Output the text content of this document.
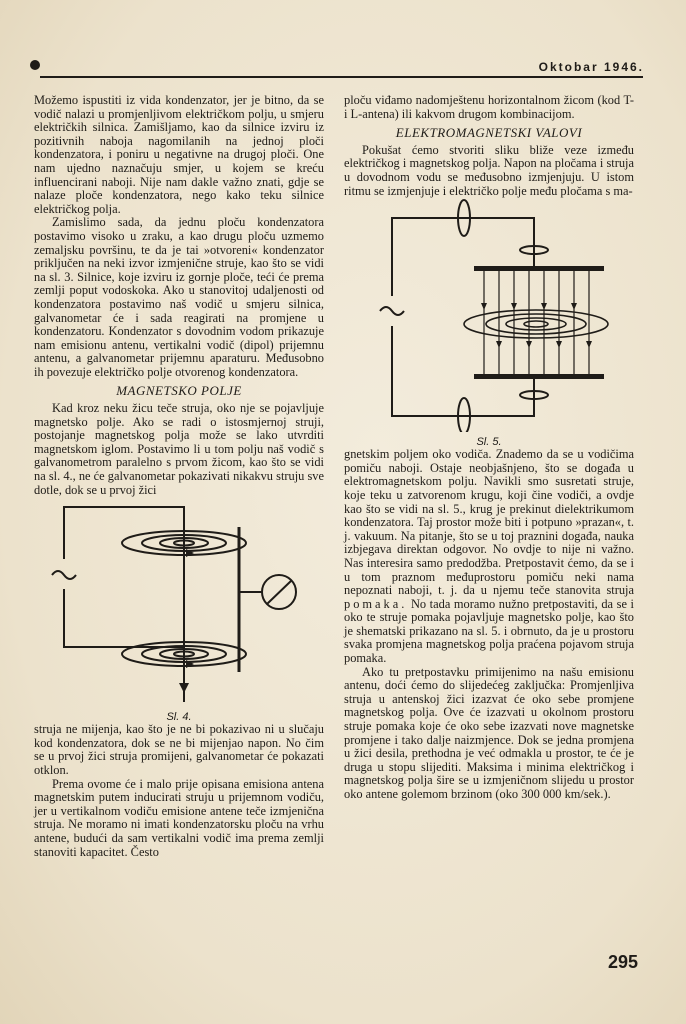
Oktobar 1946.

Možemo ispustiti iz vida kondenzator, jer je bitno, da se vodič nalazi u promjenljivom električkom polju, u smjeru električkih silnica. Zamišljamo, kao da silnice izviru iz pozitivnih naboja nagomilanih na jednoj ploči kondenzatora, i poniru u negativne na drugoj ploči. One nam ujedno naznačuju smjer, u kojem se kreću influencirani naboji. Nije nam dakle važno znati, gdje se nalaze ploče kondenzatora, nego kako teku silnice električkog polja.

Zamislimo sada, da jednu ploču kondenzatora postavimo visoko u zraku, a kao drugu ploču uzmemo zemaljsku površinu, te da je tai »otvoreni« kondenzator priključen na neki izvor izmjenične struje, kao što se vidi na sl. 3. Silnice, koje izviru iz gornje ploče, teći će prema zemlji poput vodoskoka. Ako u stanovitoj udaljenosti od kondenzatora postavimo naš vodič u smjeru silnica, galvanometar će i sada reagirati na promjene u kondenzatoru. Kondenzator s dovodnim vodom prikazuje nam emisionu antenu, vertikalni vodič (dipol) prijemnu antenu, a galvanometar prijemnu aparaturu. Međusobno ih povezuje električko polje otvorenog kondenzatora.

MAGNETSKO POLJE

Kad kroz neku žicu teče struja, oko nje se pojavljuje magnetsko polje. Ako se radi o istosmjernoj struji, postojanje magnetskog polja može se lako utvrditi magnetskom iglom. Postavimo li u tom polju naš vodič s galvanometrom paralelno s prvom žicom, kao što se vidi na sl. 4., ne će galvanometar pokazivati nikakvu struju sve dotle, dok se u prvoj žici

Sl. 4.

struja ne mijenja, kao što je ne bi pokazivao ni u slučaju kod kondenzatora, dok se ne bi mijenjao napon. No čim se u prvoj žici struja promijeni, galvanometar će pokazati otklon.

Prema ovome će i malo prije opisana emisiona antena magnetskim putem inducirati struju u prijemnom vodiču, jer u vertikalnom vodiču emisione antene teče izmjenična struja. Ne moramo ni imati kondenzatorsku ploču na vrhu antene, budući da sam vertikalni vodič ima prema zemlji stanoviti kapacitet. Često

ploču viđamo nadomještenu horizontalnom žicom (kod T- i L-antena) ili kakvom drugom kombinacijom.

ELEKTROMAGNETSKI VALOVI

Pokušat ćemo stvoriti sliku bliže veze između električkog i magnetskog polja. Napon na pločama i struja u dovodnom vodu se međusobno izmjenjuju. U istom ritmu se izmjenjuje i električko polje među pločama s ma-

Sl. 5.

gnetskim poljem oko vodiča. Znademo da se u vodičima pomiču naboji. Ostaje neobjašnjeno, što se događa u elektromagnetskom polju. Navikli smo susretati struje, koje teku u zatvorenom krugu, koji čine vodiči, a ovdje kao što se vidi na sl. 5., krug je prekinut dielektrikumom kondenzatora. Taj prostor može biti i potpuno »prazan«, t. j. vakuum. Na pitanje, što se u toj praznini događa, nauka izbjegava direktan odgovor. No ovdje to nije ni važno. Nas interesira samo predodžba. Pretpostavit ćemo, da se i u tom praznom međuprostoru pomiču neki nama nepoznati naboji, t. j. da u njemu teče stanovita struja pomaka. No tada moramo nužno pretpostaviti, da se i oko te struje pomaka pojavljuje magnetsko polje, kao što je shematski prikazano na sl. 5. i obrnuto, da je u prostoru svaka promjena magnetskog polja praćena pojavom struja pomaka.

Ako tu pretpostavku primijenimo na našu emisionu antenu, doći ćemo do slijedećeg zaključka: Promjenljiva struja u antenskoj žici izazvat će oko sebe promjene magnetskog polja. Ove će izazvati u okolnom prostoru struje pomaka koje će oko sebe izazvati nove magnetske promjene i tako dalje naizmjence. Dok se jedna promjena u žici desila, prethodna je već odmakla u prostor, te će je druga u stopu slijediti. Maksima i minima električkog i magnetskog polja šire se u izmjeničnom slijedu u prostor oko antene golemom brzinom (oko 300 000 km/sek.).

295
